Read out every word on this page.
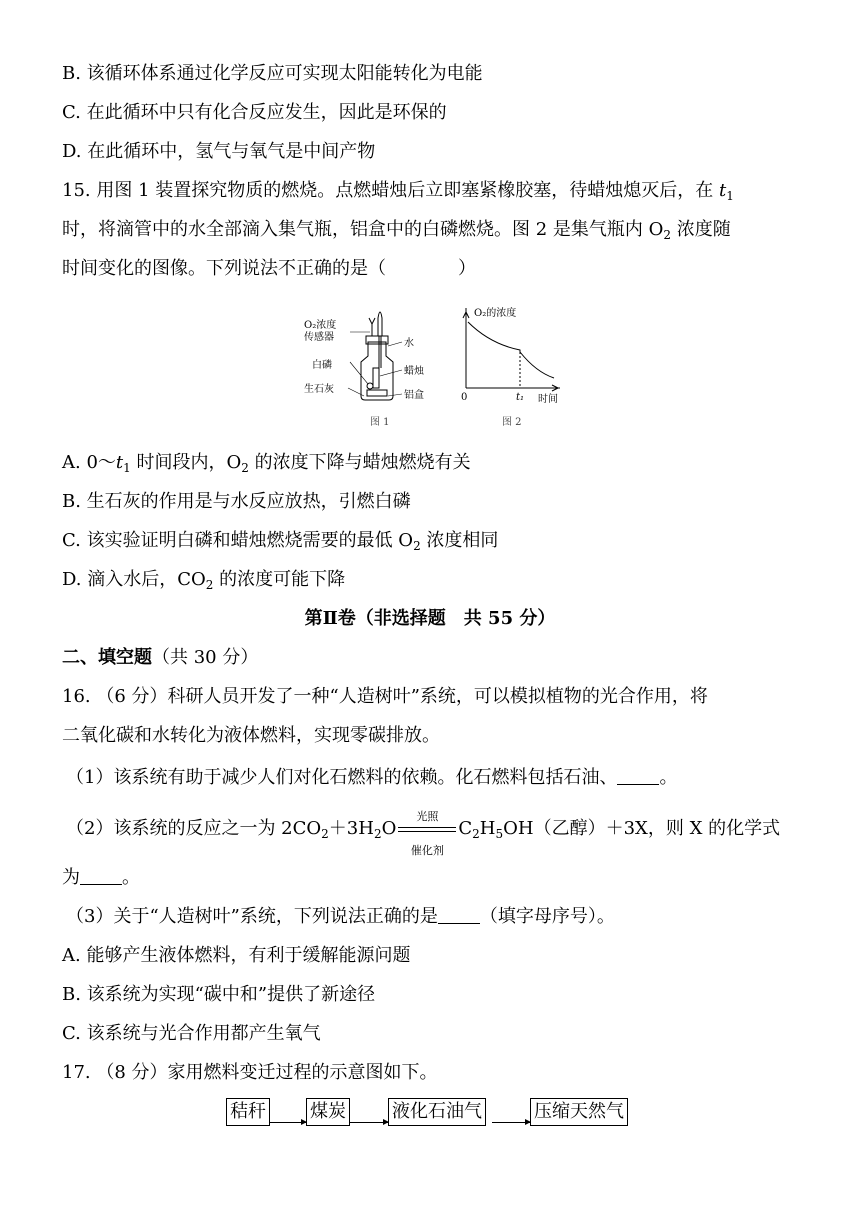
B. 该循环体系通过化学反应可实现太阳能转化为电能
C. 在此循环中只有化合反应发生，因此是环保的
D. 在此循环中，氢气与氧气是中间产物
15. 用图 1 装置探究物质的燃烧。点燃蜡烛后立即塞紧橡胶塞，待蜡烛熄灭后，在 $t_1$
时，将滴管中的水全部滴入集气瓶，铝盒中的白磷燃烧。图 2 是集气瓶内 $O_2$ 浓度随
时间变化的图像。下列说法不正确的是（　　　　）
O₂浓度
传感器
水
白磷
蜡烛
生石灰
铝盒
图 1
O₂的浓度
0	t₁ 时间
图 2
A. $0\sim t_1$ 时间段内，$O_2$ 的浓度下降与蜡烛燃烧有关
B. 生石灰的作用是与水反应放热，引燃白磷
C. 该实验证明白磷和蜡烛燃烧需要的最低 $O_2$ 浓度相同
D. 滴入水后，$CO_2$ 的浓度可能下降
第Ⅱ卷（非选择题　共 55 分）
二、填空题（共 30 分）
16. （6 分）科研人员开发了一种“人造树叶”系统，可以模拟植物的光合作用，将
二氧化碳和水转化为液体燃料，实现零碳排放。
（1）该系统有助于减少人们对化石燃料的依赖。化石燃料包括石油、 。
（2）该系统的反应之一为 $2CO_2+3H_2O$
光照
催化剂
$C_2H_5OH$（乙醇）＋3X，则 X 的化学式
为 。
（3）关于“人造树叶”系统，下列说法正确的是 （填字母序号）。
A. 能够产生液体燃料，有利于缓解能源问题
B. 该系统为实现“碳中和”提供了新途径
C. 该系统与光合作用都产生氧气
17. （8 分）家用燃料变迁过程的示意图如下。
秸秆 煤炭	液化石油气	压缩天然气
